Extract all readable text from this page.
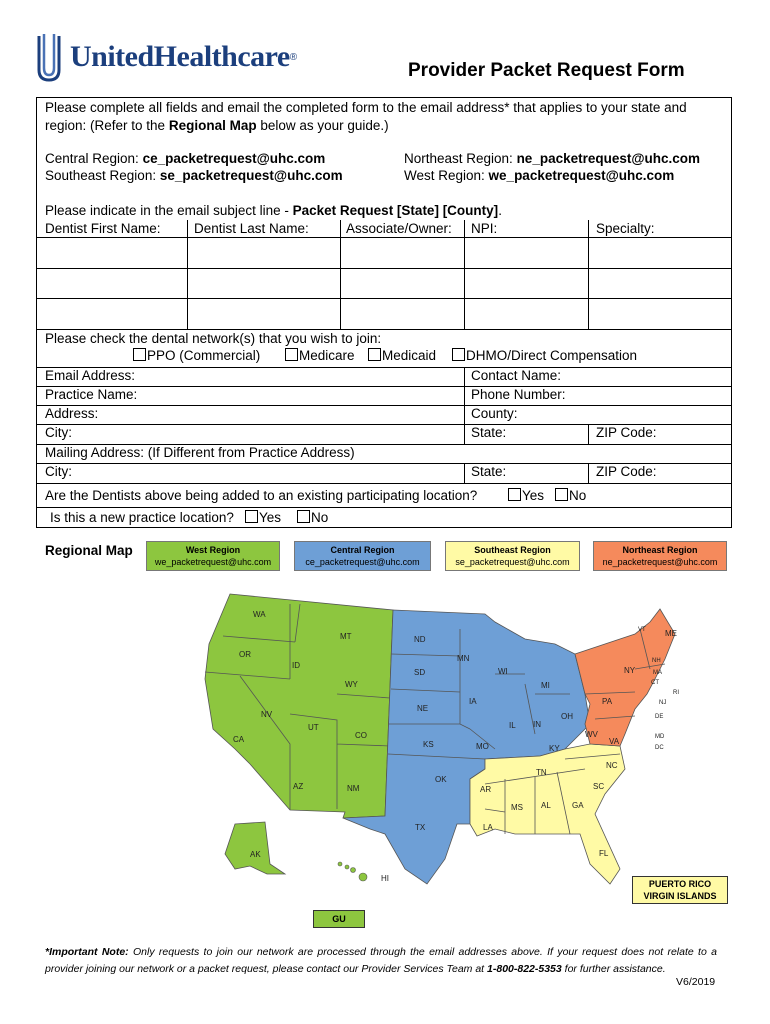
UnitedHealthcare ®
Provider Packet Request Form
Please complete all fields and email the completed form to the email address* that applies to your state and
region: (Refer to the Regional Map below as your guide.)
Central Region: ce_packetrequest@uhc.com	Northeast Region: ne_packetrequest@uhc.com
Southeast Region: se_packetrequest@uhc.com	West Region: we_packetrequest@uhc.com
Please indicate in the email subject line - Packet Request [State] [County].
Dentist First Name: Dentist Last Name:	Associate/Owner: NPI:	Specialty:
Please check the dental network(s) that you wish to join:
PPO (Commercial)	Medicare	Medicaid	DHMO/Direct Compensation
Email Address:	Contact Name:
Practice Name:	Phone Number:
Address:	County:
City:	State:	ZIP Code:
Mailing Address: (If Different from Practice Address)
City:	State:	ZIP Code:
Are the Dentists above being added to an existing participating location?	Yes	No
Is this a new practice location?	Yes	No
Regional Map	West Region
we_packetrequest@uhc.com
Central Region
ce_packetrequest@uhc.com
Southeast Region
se_packetrequest@uhc.com
Northeast Region
ne_packetrequest@uhc.com
WA
OR
CA
NV
ID
MT
WY
UT
CO
AZ	NM
AK
HI
ND
SD
NE
KS
OK
TX
MN
IA
MO
WI
IL
MI
IN
OH
KY
AR
LA
MS AL	GA
FL
TN
NC
SC
ME
VT
NH
MA
NY
RI
CT
NJ
PA
DE
MD
DC
VA
WV
PUERTO RICO
VIRGIN ISLANDS
GU
*Important Note: Only requests to join our network are processed through the email addresses above. If your request does not relate to a provider joining our network or a packet request, please contact our Provider Services Team at 1-800-822-5353 for further assistance.
V6/2019
